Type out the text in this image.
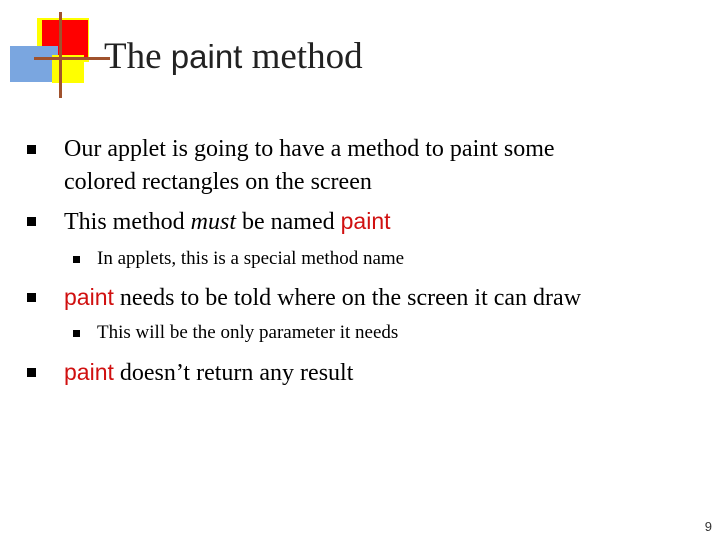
The paint method
Our applet is going to have a method to paint some
colored rectangles on the screen
This method must be named paint
In applets, this is a special method name
paint needs to be told where on the screen it can draw
This will be the only parameter it needs
paint doesn’t return any result
9
